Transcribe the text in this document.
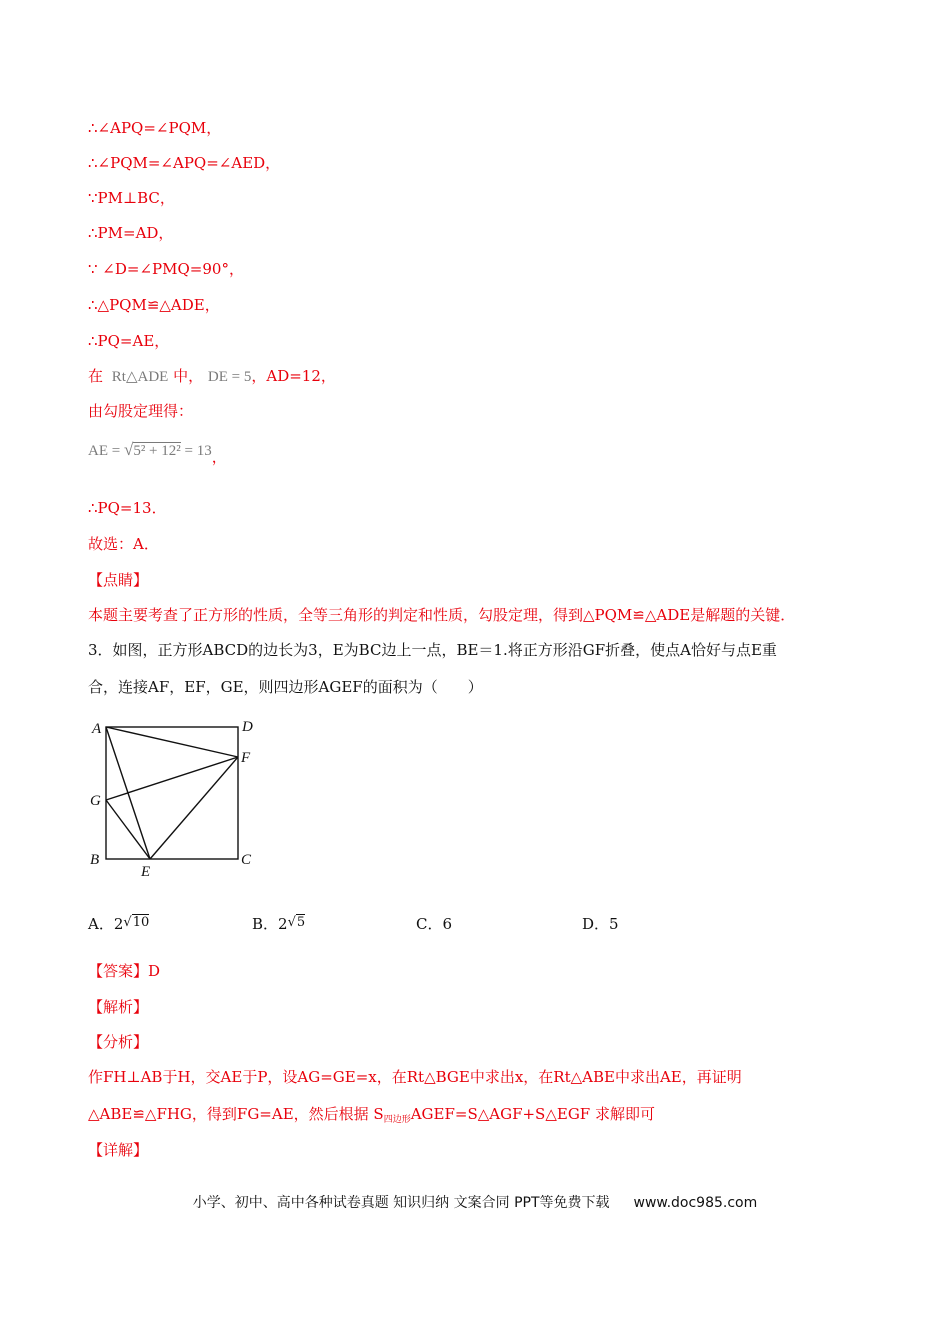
∴∠APQ=∠PQM，
∴∠PQM=∠APQ=∠AED，
∵PM⊥BC，
∴PM=AD，
∵ ∠D=∠PMQ=90°，
∴△PQM≌△ADE，
∴PQ=AE，
在 Rt△ADE 中， DE = 5，AD=12，
由勾股定理得：
AE = √5² + 12² = 13，
∴PQ=13．
故选：A．
【点睛】
本题主要考查了正方形的性质，全等三角形的判定和性质，勾股定理，得到△PQM≌△ADE是解题的关键．
3．如图，正方形ABCD的边长为3，E为BC边上一点，BE＝1.将正方形沿GF折叠，使点A恰好与点E重
合，连接AF，EF，GE，则四边形AGEF的面积为（　　）
A	D
F
G
B
E
C
A．2 √10	B．2 √5	C．6	D．5
【答案】D
【解析】
【分析】
作FH⊥AB于H，交AE于P，设AG=GE=x，在Rt△BGE中求出x，在Rt△ABE中求出AE，再证明
△ABE≌△FHG，得到FG=AE，然后根据 $S_{四边形}AGEF=S\triangle AGF+S\triangle EGF$ 求解即可
【详解】
小学、初中、高中各种试卷真题 知识归纳 文案合同 PPT等免费下载 www.doc985.com
